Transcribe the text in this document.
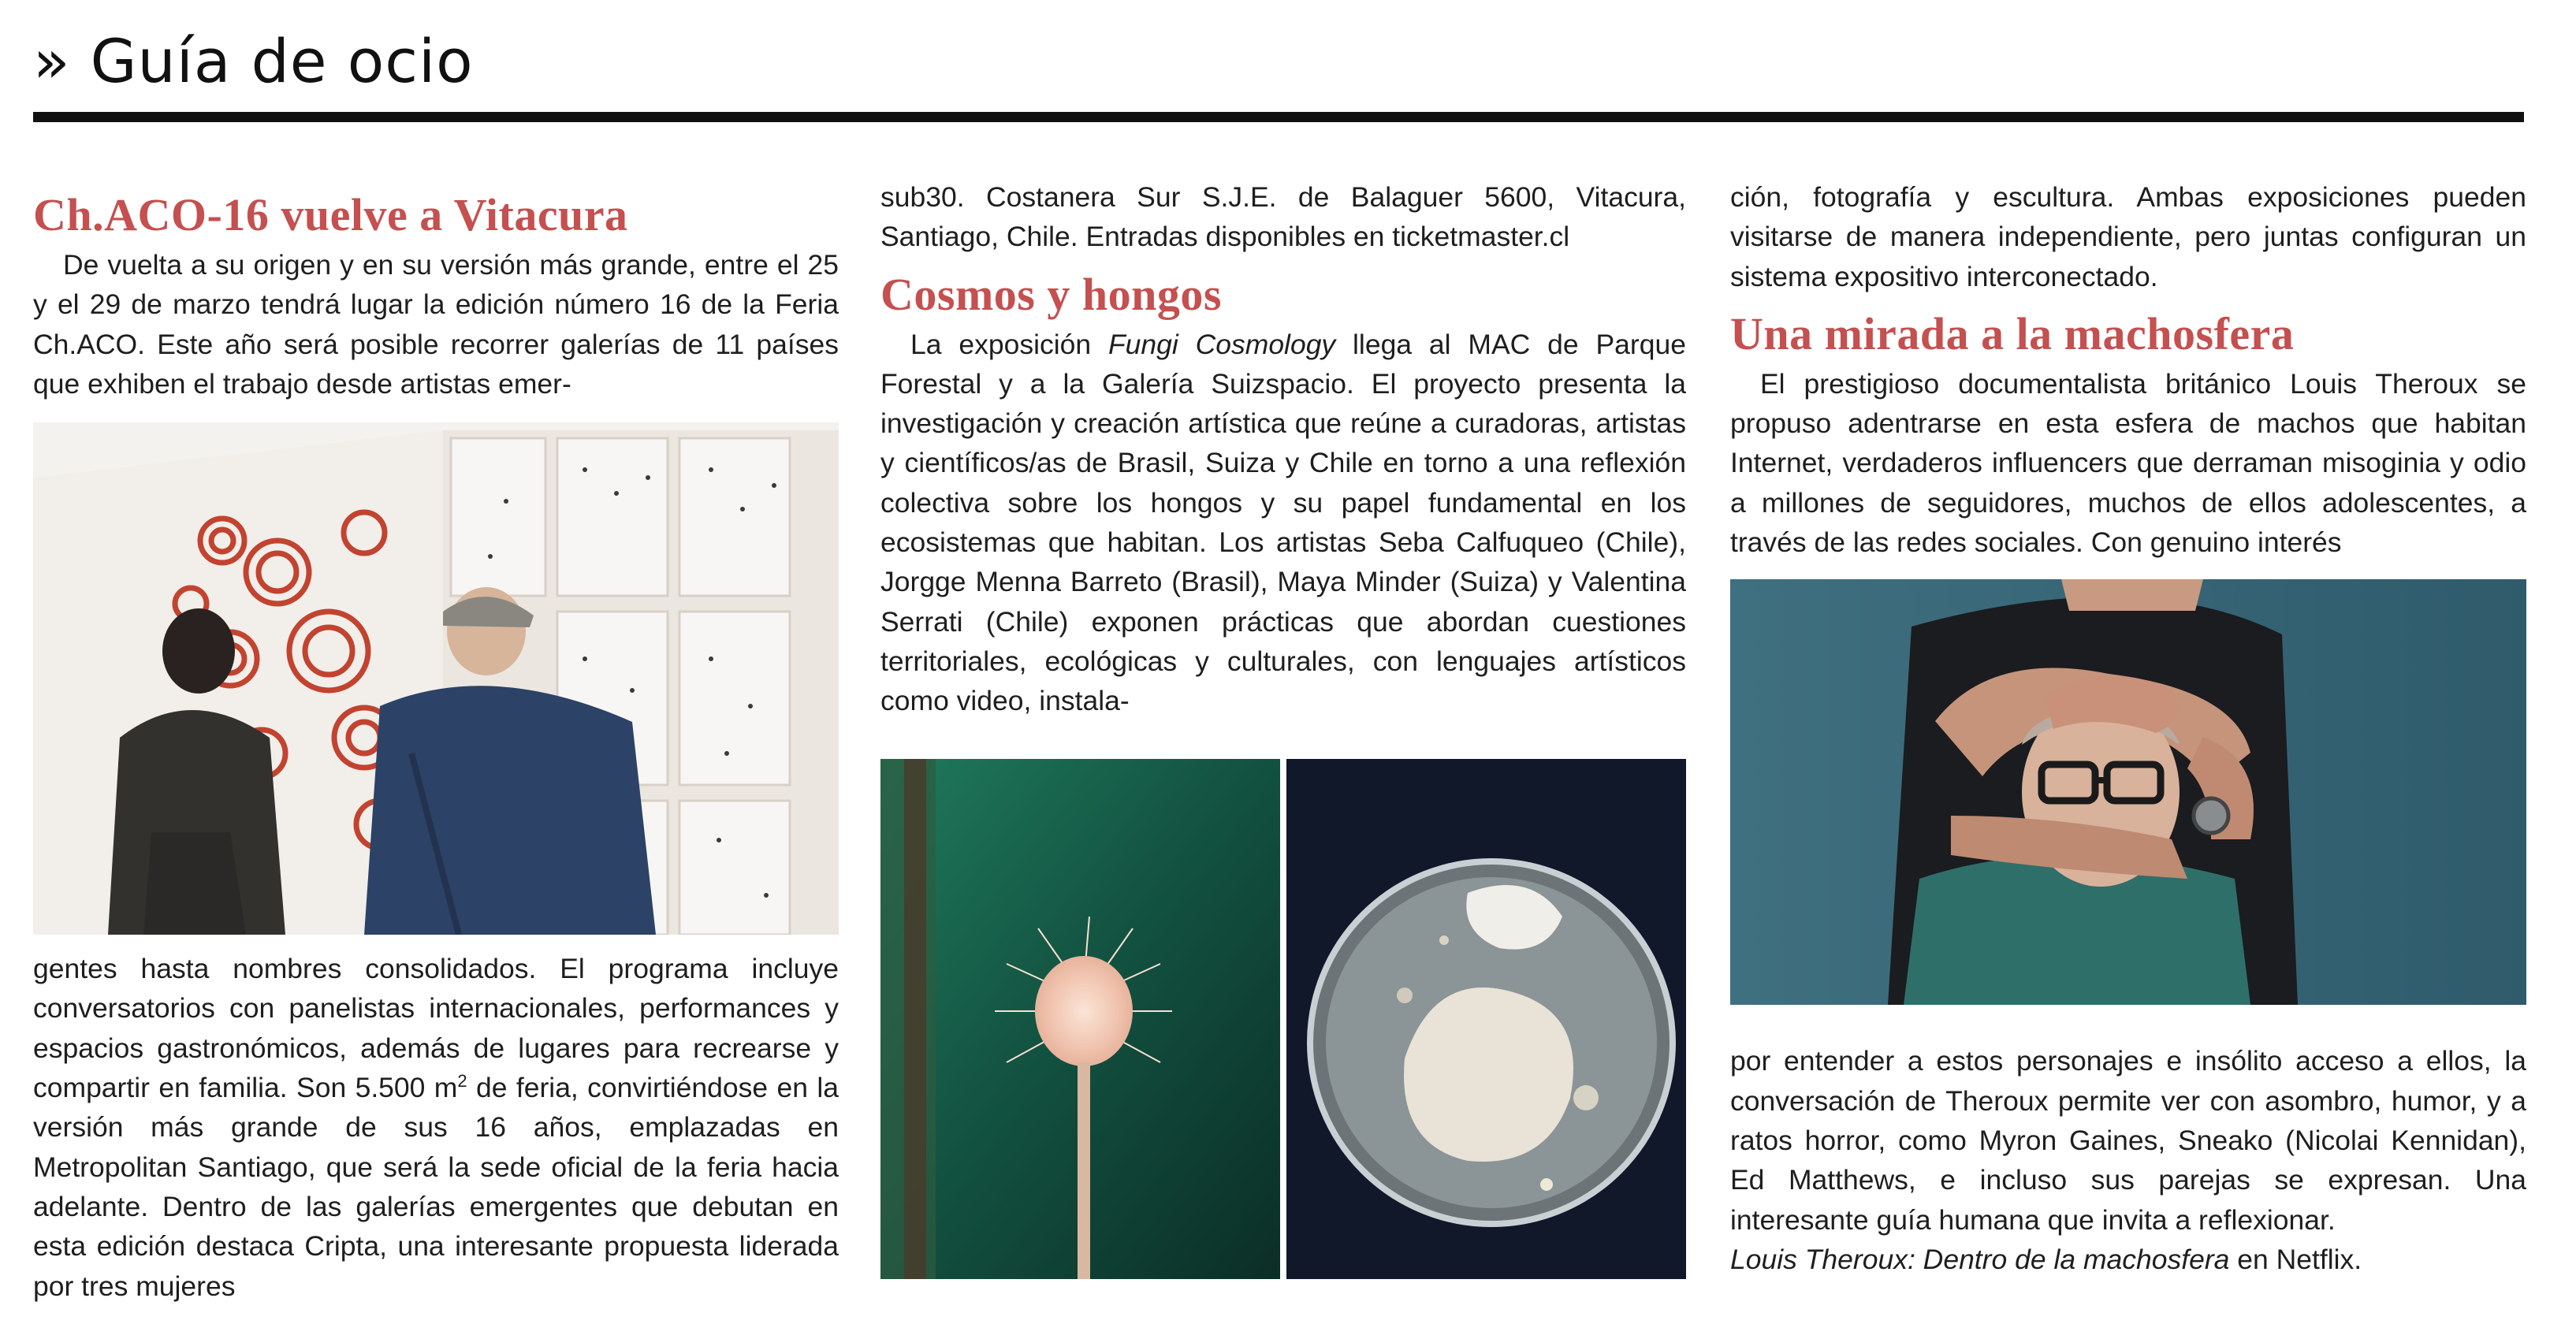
» Guía de ocio
Ch.ACO-16 vuelve a Vitacura

De vuelta a su origen y en su versión más grande, entre el 25 y el 29 de marzo tendrá lugar la edición número 16 de la Feria Ch.ACO. Este año será posible recorrer galerías de 11 países que exhiben el trabajo desde artistas emer-

gentes hasta nombres consolidados. El programa incluye conversatorios con panelistas internacionales, performances y espacios gastronómicos, además de lugares para recrearse y compartir en familia. Son 5.500 $m^2$ de feria, convirtiéndose en la versión más grande de sus 16 años, emplazadas en Metropolitan Santiago, que será la sede oficial de la feria hacia adelante. Dentro de las galerías emergentes que debutan en esta edición destaca Cripta, una interesante propuesta liderada por tres mujeres

sub30. Costanera Sur S.J.E. de Balaguer 5600, Vitacura, Santiago, Chile. Entradas disponibles en ticketmaster.cl

Cosmos y hongos

La exposición Fungi Cosmology llega al MAC de Parque Forestal y a la Galería Suizspacio. El proyecto presenta la investigación y creación artística que reúne a curadoras, artistas y científicos/as de Brasil, Suiza y Chile en torno a una reflexión colectiva sobre los hongos y su papel fundamental en los ecosistemas que habitan. Los artistas Seba Calfuqueo (Chile), Jorgge Menna Barreto (Brasil), Maya Minder (Suiza) y Valentina Serrati (Chile) exponen prácticas que abordan cuestiones territoriales, ecológicas y culturales, con lenguajes artísticos como video, instala-

ción, fotografía y escultura. Ambas exposiciones pueden visitarse de manera independiente, pero juntas configuran un sistema expositivo interconectado.

Una mirada a la machosfera

El prestigioso documentalista británico Louis Theroux se propuso adentrarse en esta esfera de machos que habitan Internet, verdaderos influencers que derraman misoginia y odio a millones de seguidores, muchos de ellos adolescentes, a través de las redes sociales. Con genuino interés

por entender a estos personajes e insólito acceso a ellos, la conversación de Theroux permite ver con asombro, humor, y a ratos horror, como Myron Gaines, Sneako (Nicolai Kennidan), Ed Matthews, e incluso sus parejas se expresan. Una interesante guía humana que invita a reflexionar.

Louis Theroux: Dentro de la machosfera en Netflix.
